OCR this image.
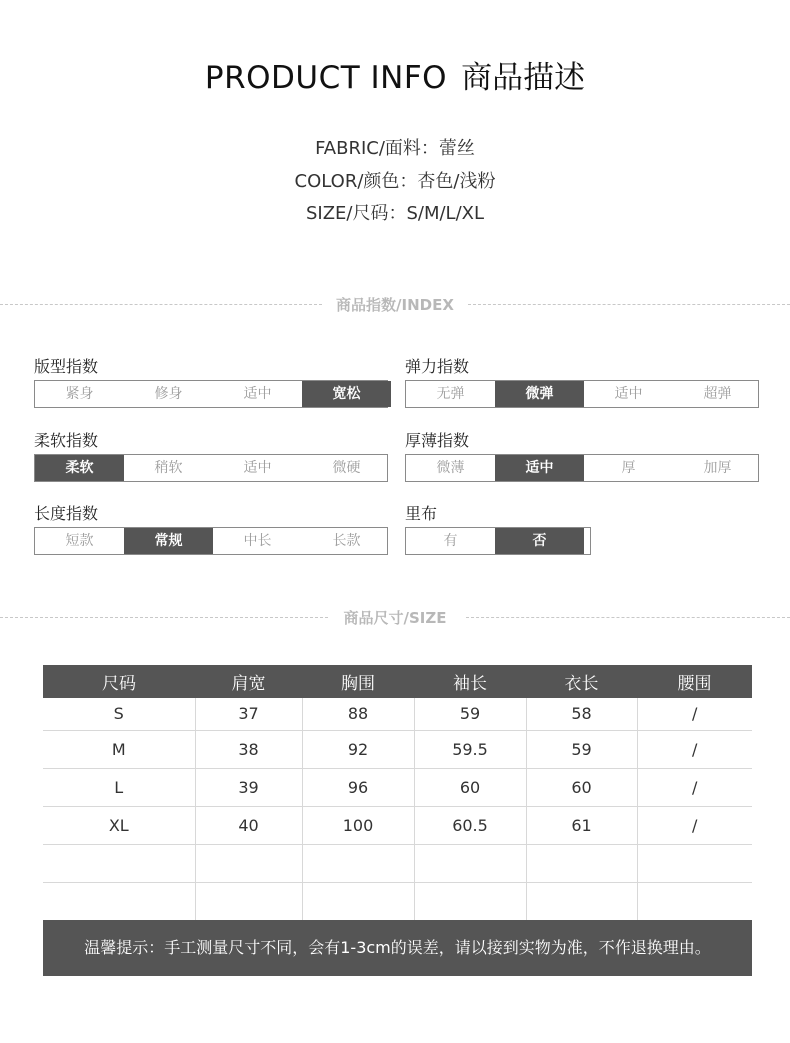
PRODUCT INFO 商品描述
FABRIC/面料：蕾丝
COLOR/颜色：杏色/浅粉
SIZE/尺码：S/M/L/XL
商品指数/INDEX
版型指数
紧身	修身	适中	宽松
弹力指数
无弹	微弹	适中	超弹
柔软指数
柔软	稍软	适中	微硬
厚薄指数
微薄	适中	厚	加厚
长度指数
短款	常规	中长	长款
里布
有	否
商品尺寸/SIZE
尺码	肩宽	胸围	袖长	衣长	腰围
S	37	88	59	58	/
M	38	92	59.5	59	/
L	39	96	60	60	/
XL	40	100	60.5	61	/

温馨提示：手工测量尺寸不同，会有1-3cm的误差，请以接到实物为准，不作退换理由。
